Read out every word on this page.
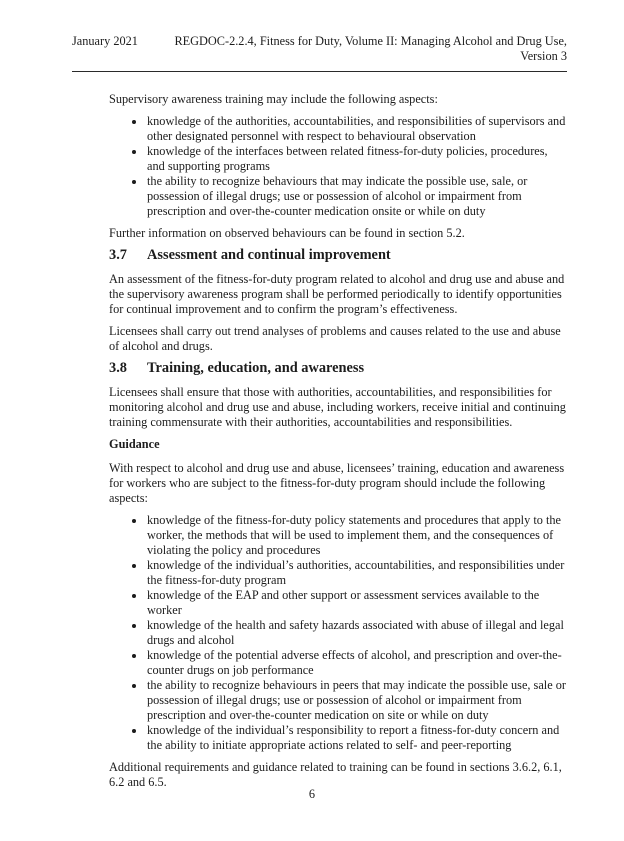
January 2021	REGDOC-2.2.4, Fitness for Duty, Volume II: Managing Alcohol and Drug Use, Version 3

Supervisory awareness training may include the following aspects:

• knowledge of the authorities, accountabilities, and responsibilities of supervisors and other designated personnel with respect to behavioural observation
• knowledge of the interfaces between related fitness-for-duty policies, procedures, and supporting programs
• the ability to recognize behaviours that may indicate the possible use, sale, or possession of illegal drugs; use or possession of alcohol or impairment from prescription and over-the-counter medication onsite or while on duty

Further information on observed behaviours can be found in section 5.2.

3.7	Assessment and continual improvement

An assessment of the fitness-for-duty program related to alcohol and drug use and abuse and the supervisory awareness program shall be performed periodically to identify opportunities for continual improvement and to confirm the program’s effectiveness.

Licensees shall carry out trend analyses of problems and causes related to the use and abuse of alcohol and drugs.

3.8	Training, education, and awareness

Licensees shall ensure that those with authorities, accountabilities, and responsibilities for monitoring alcohol and drug use and abuse, including workers, receive initial and continuing training commensurate with their authorities, accountabilities and responsibilities.

Guidance

With respect to alcohol and drug use and abuse, licensees’ training, education and awareness for workers who are subject to the fitness-for-duty program should include the following aspects:

• knowledge of the fitness-for-duty policy statements and procedures that apply to the worker, the methods that will be used to implement them, and the consequences of violating the policy and procedures
• knowledge of the individual’s authorities, accountabilities, and responsibilities under the fitness-for-duty program
• knowledge of the EAP and other support or assessment services available to the worker
• knowledge of the health and safety hazards associated with abuse of illegal and legal drugs and alcohol
• knowledge of the potential adverse effects of alcohol, and prescription and over-the-counter drugs on job performance
• the ability to recognize behaviours in peers that may indicate the possible use, sale or possession of illegal drugs; use or possession of alcohol or impairment from prescription and over-the-counter medication on site or while on duty
• knowledge of the individual’s responsibility to report a fitness-for-duty concern and the ability to initiate appropriate actions related to self- and peer-reporting

Additional requirements and guidance related to training can be found in sections 3.6.2, 6.1, 6.2 and 6.5.

6
